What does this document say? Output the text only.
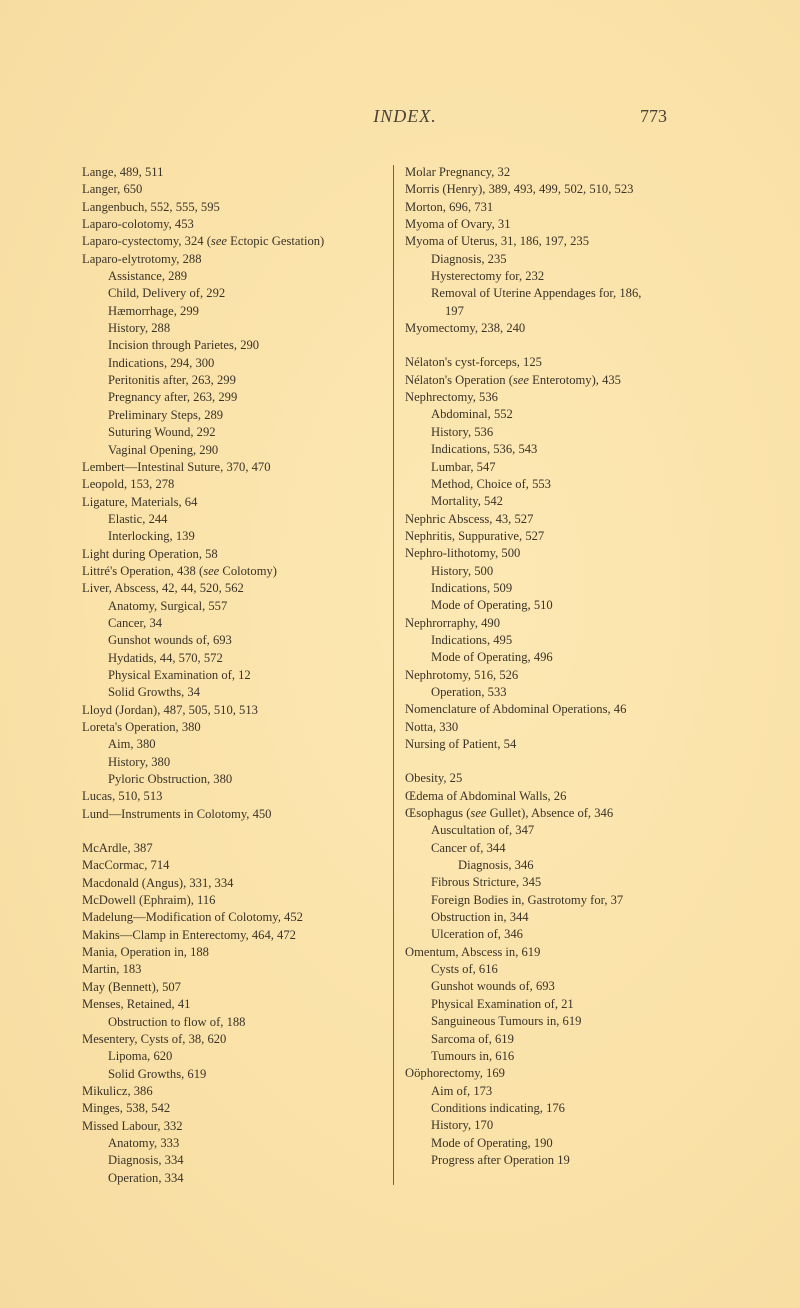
INDEX.	773
Lange, 489, 511
Langer, 650
Langenbuch, 552, 555, 595
Laparo-colotomy, 453
Laparo-cystectomy, 324 (see Ectopic Gestation)
Laparo-elytrotomy, 288
Assistance, 289
Child, Delivery of, 292
Hæmorrhage, 299
History, 288
Incision through Parietes, 290
Indications, 294, 300
Peritonitis after, 263, 299
Pregnancy after, 263, 299
Preliminary Steps, 289
Suturing Wound, 292
Vaginal Opening, 290
Lembert—Intestinal Suture, 370, 470
Leopold, 153, 278
Ligature, Materials, 64
Elastic, 244
Interlocking, 139
Light during Operation, 58
Littré's Operation, 438 (see Colotomy)
Liver, Abscess, 42, 44, 520, 562
Anatomy, Surgical, 557
Cancer, 34
Gunshot wounds of, 693
Hydatids, 44, 570, 572
Physical Examination of, 12
Solid Growths, 34
Lloyd (Jordan), 487, 505, 510, 513
Loreta's Operation, 380
Aim, 380
History, 380
Pyloric Obstruction, 380
Lucas, 510, 513
Lund—Instruments in Colotomy, 450
McArdle, 387
MacCormac, 714
Macdonald (Angus), 331, 334
McDowell (Ephraim), 116
Madelung—Modification of Colotomy, 452
Makins—Clamp in Enterectomy, 464, 472
Mania, Operation in, 188
Martin, 183
May (Bennett), 507
Menses, Retained, 41
Obstruction to flow of, 188
Mesentery, Cysts of, 38, 620
Lipoma, 620
Solid Growths, 619
Mikulicz, 386
Minges, 538, 542
Missed Labour, 332
Anatomy, 333
Diagnosis, 334
Operation, 334
Molar Pregnancy, 32
Morris (Henry), 389, 493, 499, 502, 510, 523
Morton, 696, 731
Myoma of Ovary, 31
Myoma of Uterus, 31, 186, 197, 235
Diagnosis, 235
Hysterectomy for, 232
Removal of Uterine Appendages for, 186,
197
Myomectomy, 238, 240
Nélaton's cyst-forceps, 125
Nélaton's Operation (see Enterotomy), 435
Nephrectomy, 536
Abdominal, 552
History, 536
Indications, 536, 543
Lumbar, 547
Method, Choice of, 553
Mortality, 542
Nephric Abscess, 43, 527
Nephritis, Suppurative, 527
Nephro-lithotomy, 500
History, 500
Indications, 509
Mode of Operating, 510
Nephrorraphy, 490
Indications, 495
Mode of Operating, 496
Nephrotomy, 516, 526
Operation, 533
Nomenclature of Abdominal Operations, 46
Notta, 330
Nursing of Patient, 54
Obesity, 25
Œdema of Abdominal Walls, 26
Œsophagus (see Gullet), Absence of, 346
Auscultation of, 347
Cancer of, 344
Diagnosis, 346
Fibrous Stricture, 345
Foreign Bodies in, Gastrotomy for, 37
Obstruction in, 344
Ulceration of, 346
Omentum, Abscess in, 619
Cysts of, 616
Gunshot wounds of, 693
Physical Examination of, 21
Sanguineous Tumours in, 619
Sarcoma of, 619
Tumours in, 616
Oöphorectomy, 169
Aim of, 173
Conditions indicating, 176
History, 170
Mode of Operating, 190
Progress after Operation 19
